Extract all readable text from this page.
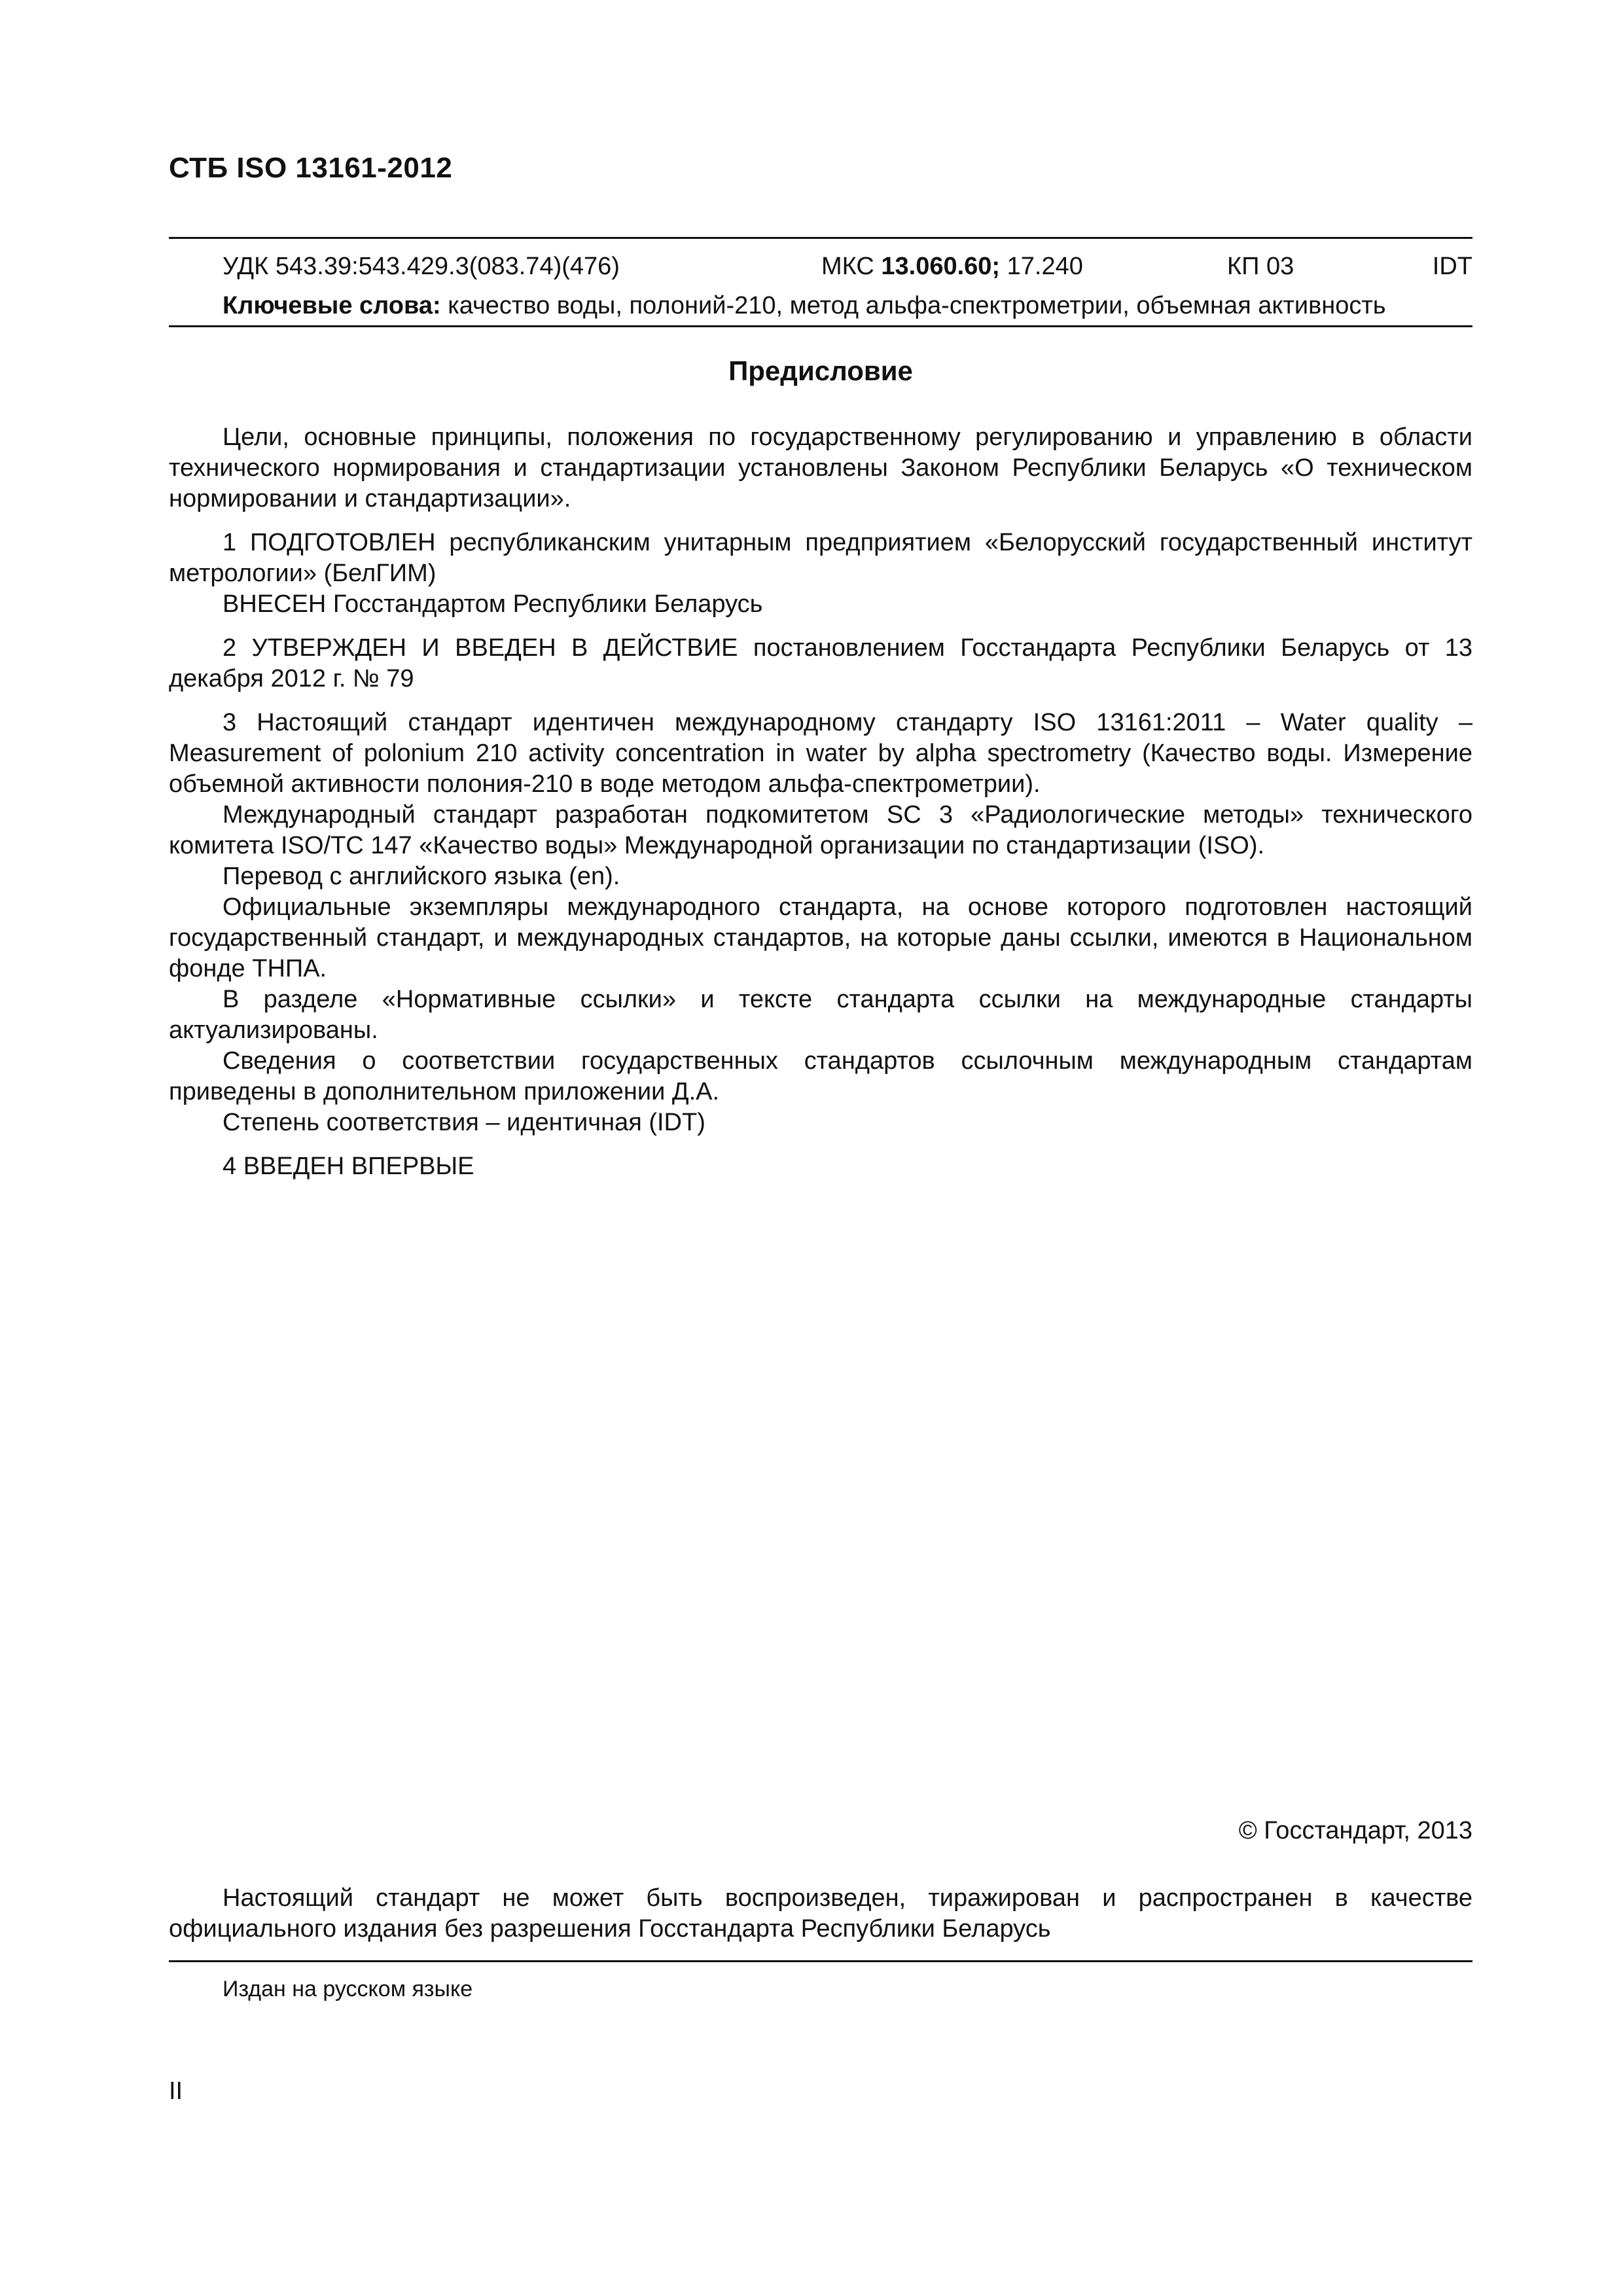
СТБ ISO 13161-2012
УДК 543.39:543.429.3(083.74)(476)	МКС 13.060.60; 17.240	КП 03	IDT
Ключевые слова: качество воды, полоний-210, метод альфа-спектрометрии, объемная активность
Предисловие

Цели, основные принципы, положения по государственному регулированию и управлению в области технического нормирования и стандартизации установлены Законом Республики Беларусь «О техническом нормировании и стандартизации».

1 ПОДГОТОВЛЕН республиканским унитарным предприятием «Белорусский государственный институт метрологии» (БелГИМ)

ВНЕСЕН Госстандартом Республики Беларусь

2 УТВЕРЖДЕН И ВВЕДЕН В ДЕЙСТВИЕ постановлением Госстандарта Республики Беларусь от 13 декабря 2012 г. № 79

3 Настоящий стандарт идентичен международному стандарту ISO 13161:2011 – Water quality – Measurement of polonium 210 activity concentration in water by alpha spectrometry (Качество воды. Измерение объемной активности полония-210 в воде методом альфа-спектрометрии).

Международный стандарт разработан подкомитетом SC 3 «Радиологические методы» технического комитета ISO/TC 147 «Качество воды» Международной организации по стандартизации (ISO).

Перевод с английского языка (en).

Официальные экземпляры международного стандарта, на основе которого подготовлен настоящий государственный стандарт, и международных стандартов, на которые даны ссылки, имеются в Национальном фонде ТНПА.

В разделе «Нормативные ссылки» и тексте стандарта ссылки на международные стандарты актуализированы.

Сведения о соответствии государственных стандартов ссылочным международным стандартам приведены в дополнительном приложении Д.А.

Степень соответствия – идентичная (IDT)

4 ВВЕДЕН ВПЕРВЫЕ

© Госстандарт, 2013

Настоящий стандарт не может быть воспроизведен, тиражирован и распространен в качестве официального издания без разрешения Госстандарта Республики Беларусь

Издан на русском языке
II
